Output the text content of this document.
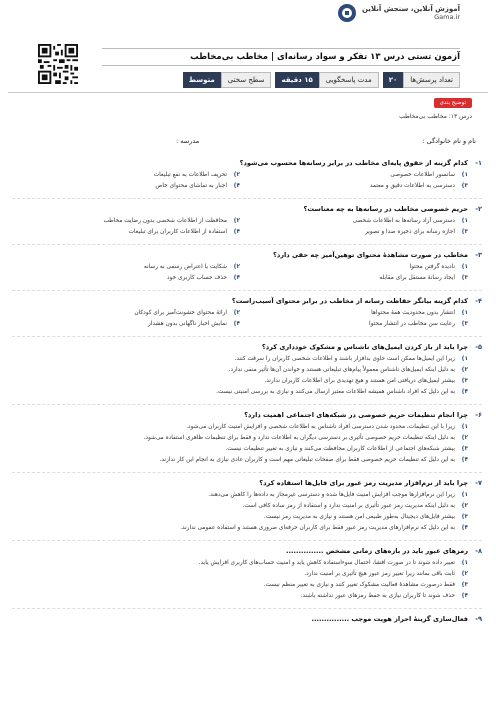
آموزش آنلاین، سنجش آنلاین
Gama.ir
آزمون تستی درس ۱۳ تفکر و سواد رسانه‌ای | مخاطب بی‌مخاطب
تعداد پرسش‌ها
۲۰
مدت پاسخگویی
۱۵ دقیقه
سطح سختی
متوسط
توضیح بندی
درس ۱۳: مخاطب بی‌مخاطب
نام و نام خانوادگی :
مدرسه :
۱-
کدام گزینه از حقوق پایه‌ای مخاطب در برابر رسانه‌ها محسوب می‌شود؟
۱)
سانسور اطلاعات خصوصی
۲)
تحریف اطلاعات به نفع تبلیغات
۳)
دسترسی به اطلاعات دقیق و معتمد
۴)
اجبار به تماشای محتوای خاص
۲-
حریم خصوصی مخاطب در رسانه‌ها به چه معناست؟
۱)
دسترسی آزاد رسانه‌ها به اطلاعات شخصی
۲)
محافظت از اطلاعات شخصی بدون رضایت مخاطب
۳)
اجازه رسانه برای ذخیره صدا و تصویر
۴)
استفاده از اطلاعات کاربران برای تبلیغات
۳-
مخاطب در صورت مشاهدهٔ محتوای توهین‌آمیز چه حقی دارد؟
۱)
نادیده گرفتن محتوا
۲)
شکایت یا اعتراض رسمی به رسانه
۳)
ایجاد رسانهٔ مستقل برای مقابله
۴)
حذف حساب کاربری خود
۴-
کدام گزینه بیانگر حفاظت رسانه از مخاطب در برابر محتوای آسیب‌زاست؟
۱)
انتشار بدون محدودیت همهٔ محتواها
۲)
ارائهٔ محتوای خشونت‌آمیز برای کودکان
۳)
رعایت سن مخاطب در انتشار محتوا
۴)
نمایش اخبار ناگهانی بدون هشدار
۵-
چرا باید از باز کردن ایمیل‌های ناشناس و مشکوک خودداری کرد؟
۱)
زیرا این ایمیل‌ها ممکن است حاوی بدافزار باشند و اطلاعات شخصی کاربران را سرقت کنند.
۲)
به دلیل اینکه ایمیل‌های ناشناس معمولاً پیام‌های تبلیغاتی هستند و خواندن آن‌ها تأثیر منفی ندارد.
۳)
بیشتر ایمیل‌های دریافتی امن هستند و هیچ تهدیدی برای اطلاعات کاربران ندارند.
۴)
به این دلیل که افراد ناشناس همیشه اطلاعات معتبر ارسال می‌کنند و نیازی به بررسی امنیتی نیست.
۶-
چرا انجام تنظیمات حریم خصوصی در شبکه‌های اجتماعی اهمیت دارد؟
۱)
زیرا با این تنظیمات، محدود شدن دسترسی افراد ناشناس به اطلاعات شخصی و افزایش امنیت کاربران می‌شود.
۲)
به دلیل اینکه تنظیمات حریم خصوصی تأثیری بر دسترسی دیگران به اطلاعات ندارد و فقط برای تنظیمات ظاهری استفاده می‌شود.
۳)
بیشتر شبکه‌های اجتماعی از اطلاعات کاربران محافظت می‌کنند و نیازی به تغییر تنظیمات نیست.
۴)
به این دلیل که تنظیمات حریم خصوصی فقط برای صفحات تبلیغاتی مهم است و کاربران عادی نیازی به انجام این کار ندارند.
۷-
چرا باید از نرم‌افزار مدیریت رمز عبور برای فایل‌ها استفاده کرد؟
۱)
زیرا این نرم‌افزارها موجب افزایش امنیت فایل‌ها شده و دسترسی غیرمجاز به داده‌ها را کاهش می‌دهند.
۲)
به دلیل اینکه مدیریت رمز عبور تأثیری بر امنیت ندارد و استفاده از رمز ساده کافی است.
۳)
بیشتر فایل‌های دیجیتال به‌طور طبیعی امن هستند و نیازی به مدیریت رمز نیست.
۴)
به این دلیل که نرم‌افزارهای مدیریت رمز عبور فقط برای کاربران حرفه‌ای ضروری هستند و استفاده عمومی ندارند.
۸-
رمزهای عبور باید در بازه‌های زمانی مشخص ...............
۱)
تغییر داده شوند تا در صورت افشا، احتمال سوءاستفاده کاهش یابد و امنیت حساب‌های کاربری افزایش یابد.
۲)
ثابت باقی بمانند زیرا تغییر رمز عبور هیچ تأثیری بر امنیت ندارد.
۳)
فقط درصورت مشاهدهٔ فعالیت مشکوک تغییر کنند و نیازی به تغییر منظم نیست.
۴)
حذف شوند تا کاربران نیازی به حفظ رمزهای عبور نداشته باشند.
۹-
فعال‌سازی گزینهٔ احراز هویت موجب ...............
